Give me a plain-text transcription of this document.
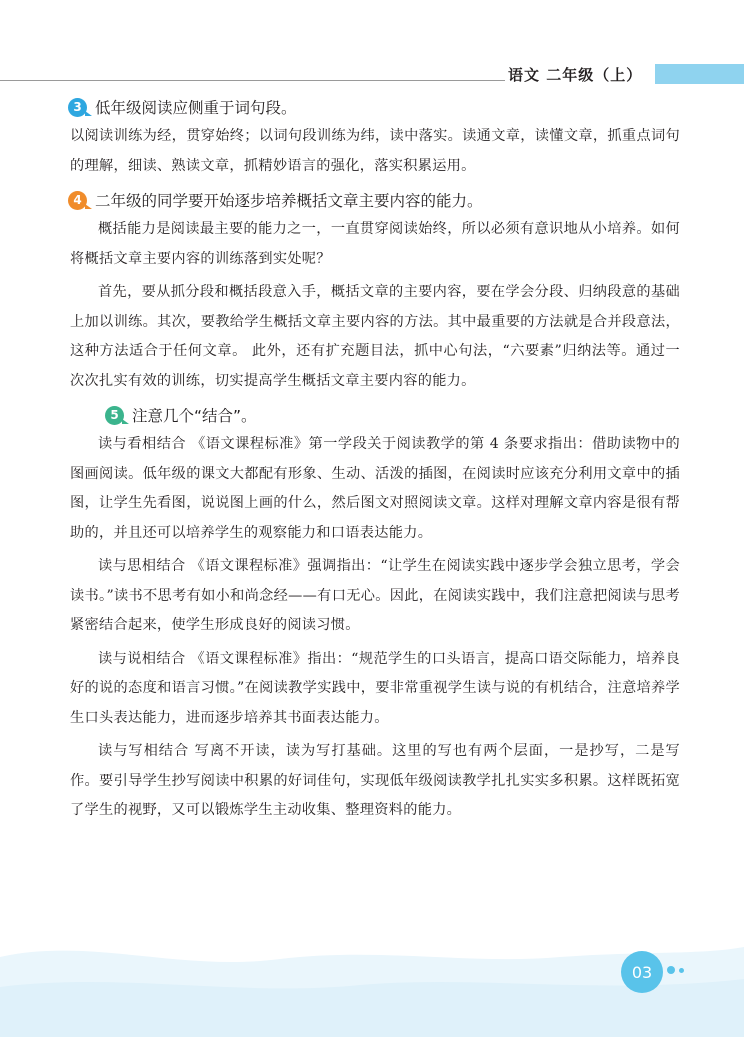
语文 二年级（上）
3 低年级阅读应侧重于词句段。

以阅读训练为经，贯穿始终；以词句段训练为纬，读中落实。读通文章，读懂文章，抓重点词句的理解，细读、熟读文章，抓精妙语言的强化，落实积累运用。

4 二年级的同学要开始逐步培养概括文章主要内容的能力。

概括能力是阅读最主要的能力之一，一直贯穿阅读始终，所以必须有意识地从小培养。如何将概括文章主要内容的训练落到实处呢？

首先，要从抓分段和概括段意入手，概括文章的主要内容，要在学会分段、归纳段意的基础上加以训练。其次，要教给学生概括文章主要内容的方法。其中最重要的方法就是合并段意法，这种方法适合于任何文章。 此外，还有扩充题目法，抓中心句法，“六要素”归纳法等。通过一次次扎实有效的训练，切实提高学生概括文章主要内容的能力。

5 注意几个“结合”。

读与看相结合 《语文课程标准》第一学段关于阅读教学的第 4 条要求指出：借助读物中的图画阅读。低年级的课文大都配有形象、生动、活泼的插图，在阅读时应该充分利用文章中的插图，让学生先看图，说说图上画的什么，然后图文对照阅读文章。这样对理解文章内容是很有帮助的，并且还可以培养学生的观察能力和口语表达能力。

读与思相结合 《语文课程标准》强调指出：“让学生在阅读实践中逐步学会独立思考，学会读书。”读书不思考有如小和尚念经——有口无心。因此，在阅读实践中，我们注意把阅读与思考紧密结合起来，使学生形成良好的阅读习惯。

读与说相结合 《语文课程标准》指出：“规范学生的口头语言，提高口语交际能力，培养良好的说的态度和语言习惯。”在阅读教学实践中，要非常重视学生读与说的有机结合，注意培养学生口头表达能力，进而逐步培养其书面表达能力。

读与写相结合 写离不开读，读为写打基础。这里的写也有两个层面，一是抄写，二是写作。要引导学生抄写阅读中积累的好词佳句，实现低年级阅读教学扎扎实实多积累。这样既拓宽了学生的视野，又可以锻炼学生主动收集、整理资料的能力。

03
